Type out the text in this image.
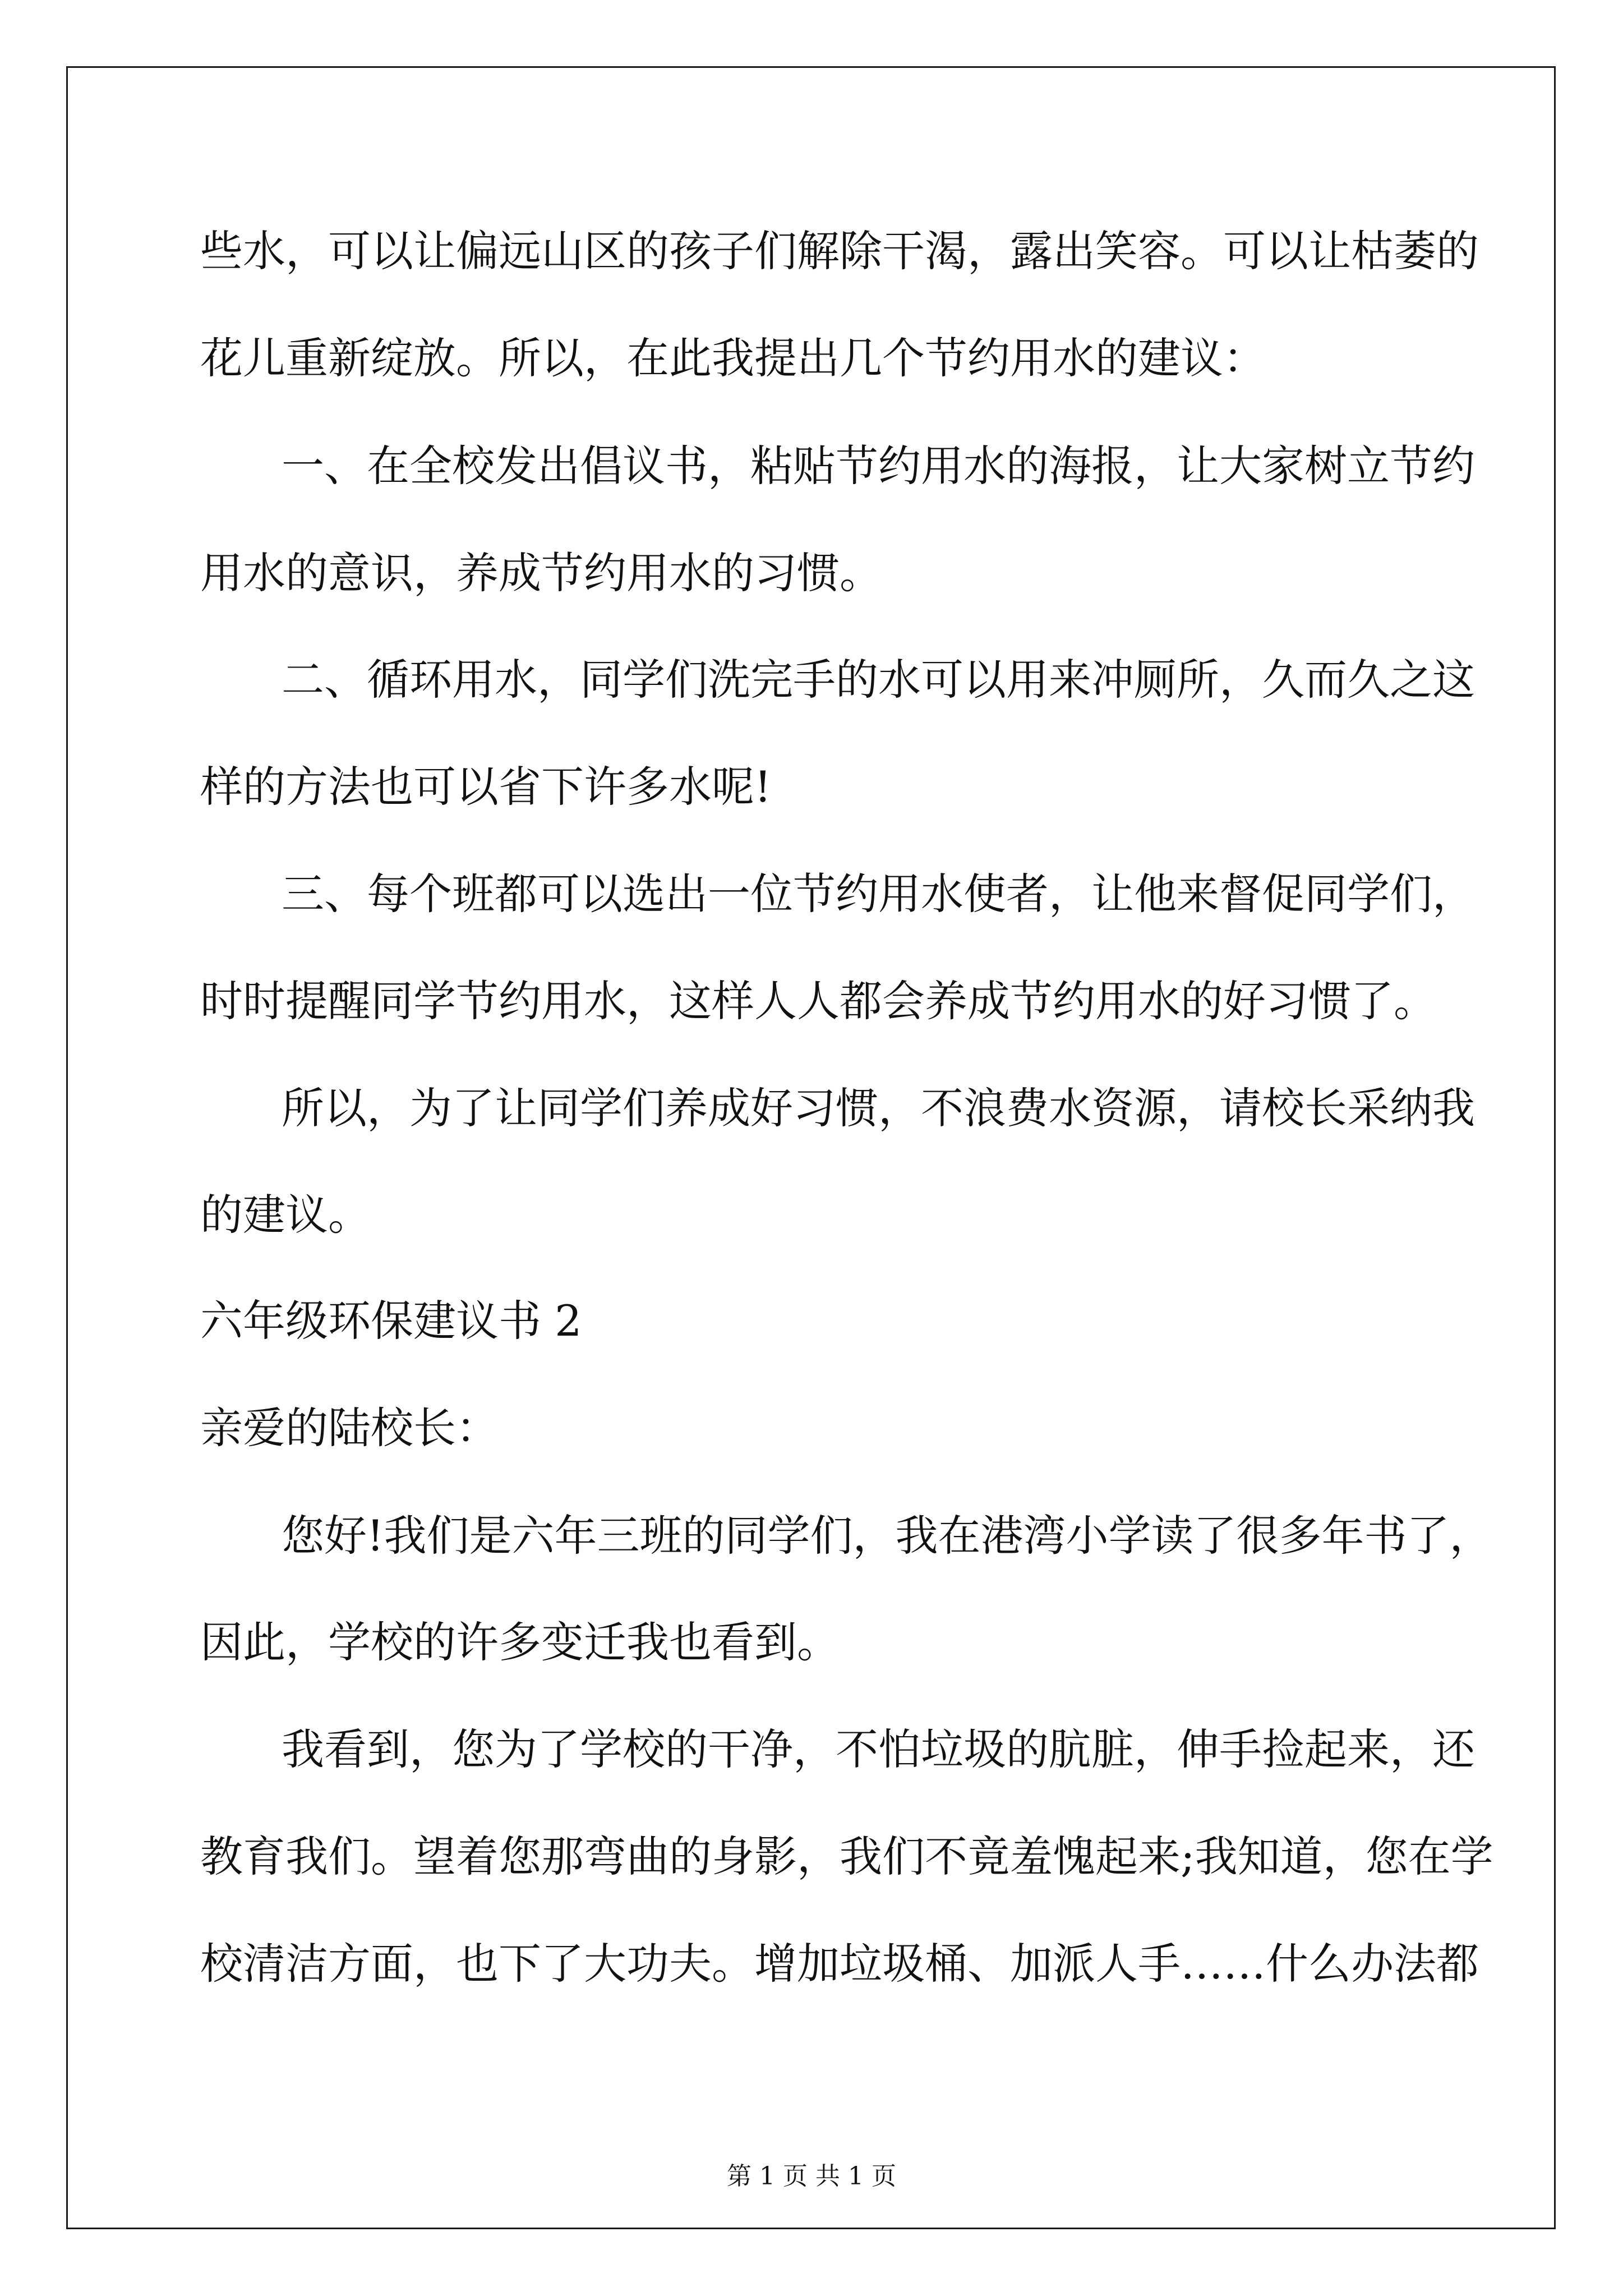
些水，可以让偏远山区的孩子们解除干渴，露出笑容。可以让枯萎的

花儿重新绽放。所以，在此我提出几个节约用水的建议：

一、在全校发出倡议书，粘贴节约用水的海报，让大家树立节约

用水的意识，养成节约用水的习惯。

二、循环用水，同学们洗完手的水可以用来冲厕所，久而久之这

样的方法也可以省下许多水呢!

三、每个班都可以选出一位节约用水使者，让他来督促同学们，

时时提醒同学节约用水，这样人人都会养成节约用水的好习惯了。

所以，为了让同学们养成好习惯，不浪费水资源，请校长采纳我

的建议。

六年级环保建议书 2

亲爱的陆校长：

您好!我们是六年三班的同学们，我在港湾小学读了很多年书了，

因此，学校的许多变迁我也看到。

我看到，您为了学校的干净，不怕垃圾的肮脏，伸手捡起来，还

教育我们。望着您那弯曲的身影，我们不竟羞愧起来;我知道，您在学

校清洁方面，也下了大功夫。增加垃圾桶、加派人手……什么办法都

第 1 页 共 1 页
